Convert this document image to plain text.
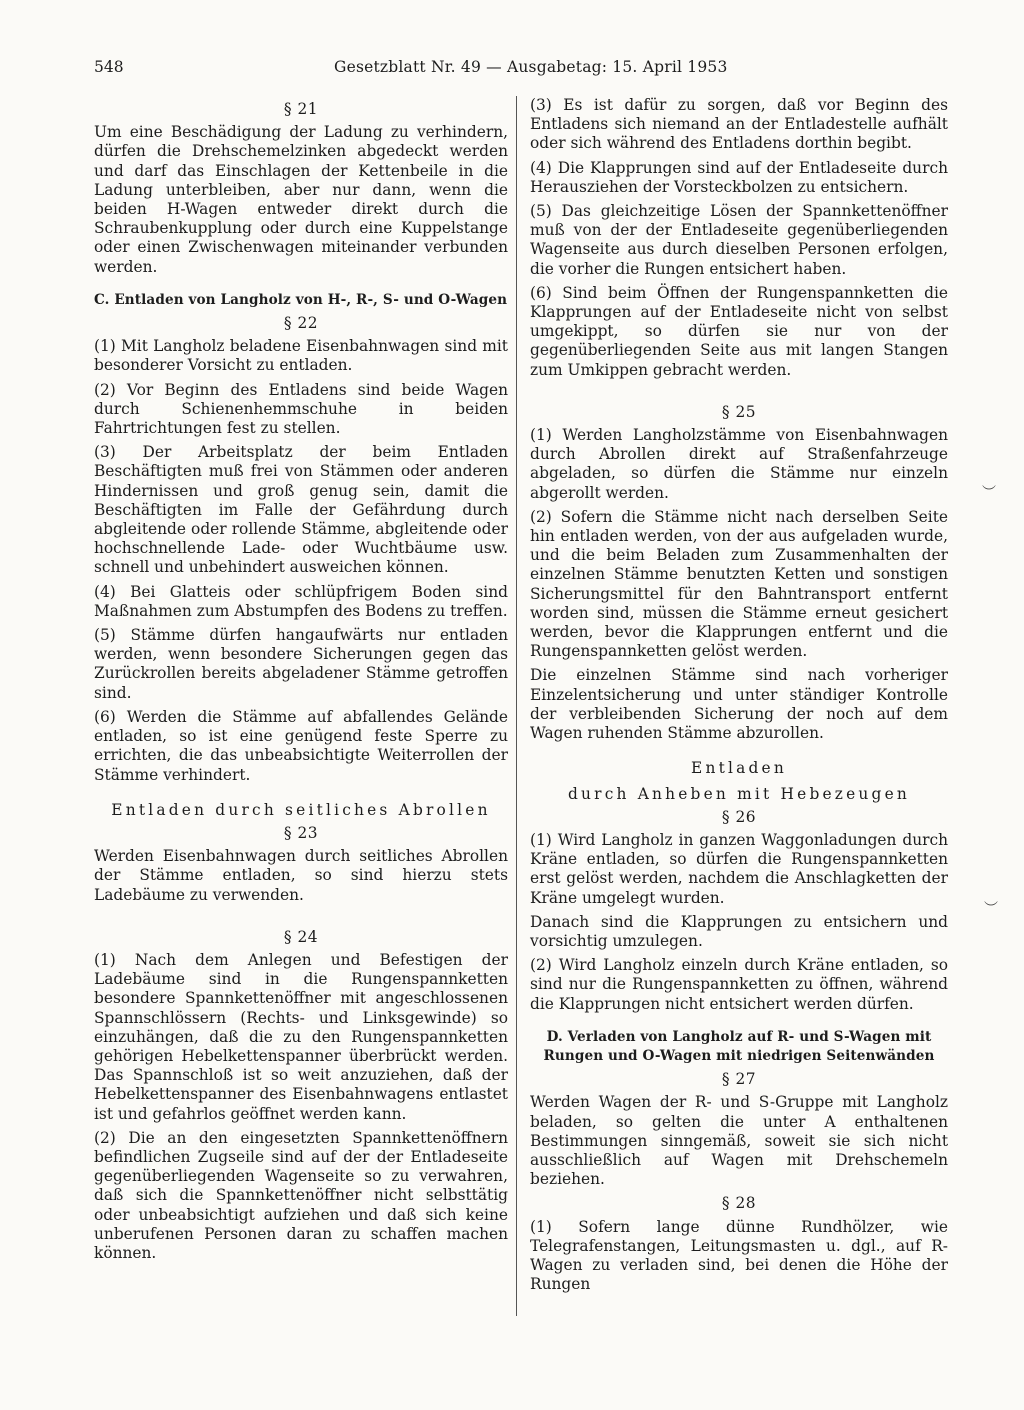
548	Gesetzblatt Nr. 49 — Ausgabetag: 15. April 1953
§ 21

Um eine Beschädigung der Ladung zu verhindern, dürfen die Drehschemelzinken abgedeckt werden und darf das Einschlagen der Kettenbeile in die Ladung unterbleiben, aber nur dann, wenn die beiden H-Wagen entweder direkt durch die Schraubenkupplung oder durch eine Kuppelstange oder einen Zwischenwagen miteinander verbunden werden.

C. Entladen von Langholz von H-, R-, S- und O-Wagen
§ 22

(1) Mit Langholz beladene Eisenbahnwagen sind mit besonderer Vorsicht zu entladen.

(2) Vor Beginn des Entladens sind beide Wagen durch Schienenhemmschuhe in beiden Fahrtrichtungen fest zu stellen.

(3) Der Arbeitsplatz der beim Entladen Beschäftigten muß frei von Stämmen oder anderen Hindernissen und groß genug sein, damit die Beschäftigten im Falle der Gefährdung durch abgleitende oder rollende Stämme, abgleitende oder hochschnellende Lade- oder Wuchtbäume usw. schnell und unbehindert ausweichen können.

(4) Bei Glatteis oder schlüpfrigem Boden sind Maßnahmen zum Abstumpfen des Bodens zu treffen.

(5) Stämme dürfen hangaufwärts nur entladen werden, wenn besondere Sicherungen gegen das Zurückrollen bereits abgeladener Stämme getroffen sind.

(6) Werden die Stämme auf abfallendes Gelände entladen, so ist eine genügend feste Sperre zu errichten, die das unbeabsichtigte Weiterrollen der Stämme verhindert.

Entladen durch seitliches Abrollen
§ 23

Werden Eisenbahnwagen durch seitliches Abrollen der Stämme entladen, so sind hierzu stets Ladebäume zu verwenden.

§ 24

(1) Nach dem Anlegen und Befestigen der Ladebäume sind in die Rungenspannketten besondere Spannkettenöffner mit angeschlossenen Spannschlössern (Rechts- und Linksgewinde) so einzuhängen, daß die zu den Rungenspannketten gehörigen Hebelkettenspanner überbrückt werden. Das Spannschloß ist so weit anzuziehen, daß der Hebelkettenspanner des Eisenbahnwagens entlastet ist und gefahrlos geöffnet werden kann.

(2) Die an den eingesetzten Spannkettenöffnern befindlichen Zugseile sind auf der der Entladeseite gegenüberliegenden Wagenseite so zu verwahren, daß sich die Spannkettenöffner nicht selbsttätig oder unbeabsichtigt aufziehen und daß sich keine unberufenen Personen daran zu schaffen machen können.

(3) Es ist dafür zu sorgen, daß vor Beginn des Entladens sich niemand an der Entladestelle aufhält oder sich während des Entladens dorthin begibt.

(4) Die Klapprungen sind auf der Entladeseite durch Herausziehen der Vorsteckbolzen zu entsichern.

(5) Das gleichzeitige Lösen der Spannkettenöffner muß von der der Entladeseite gegenüberliegenden Wagenseite aus durch dieselben Personen erfolgen, die vorher die Rungen entsichert haben.

(6) Sind beim Öffnen der Rungenspannketten die Klapprungen auf der Entladeseite nicht von selbst umgekippt, so dürfen sie nur von der gegenüberliegenden Seite aus mit langen Stangen zum Umkippen gebracht werden.

§ 25

(1) Werden Langholzstämme von Eisenbahnwagen durch Abrollen direkt auf Straßenfahrzeuge abgeladen, so dürfen die Stämme nur einzeln abgerollt werden.

(2) Sofern die Stämme nicht nach derselben Seite hin entladen werden, von der aus aufgeladen wurde, und die beim Beladen zum Zusammenhalten der einzelnen Stämme benutzten Ketten und sonstigen Sicherungsmittel für den Bahntransport entfernt worden sind, müssen die Stämme erneut gesichert werden, bevor die Klapprungen entfernt und die Rungenspannketten gelöst werden.

Die einzelnen Stämme sind nach vorheriger Einzelentsicherung und unter ständiger Kontrolle der verbleibenden Sicherung der noch auf dem Wagen ruhenden Stämme abzurollen.

Entladen
durch Anheben mit Hebezeugen
§ 26

(1) Wird Langholz in ganzen Waggonladungen durch Kräne entladen, so dürfen die Rungenspannketten erst gelöst werden, nachdem die Anschlagketten der Kräne umgelegt wurden.

Danach sind die Klapprungen zu entsichern und vorsichtig umzulegen.

(2) Wird Langholz einzeln durch Kräne entladen, so sind nur die Rungenspannketten zu öffnen, während die Klapprungen nicht entsichert werden dürfen.

D. Verladen von Langholz auf R- und S-Wagen mit Rungen und O-Wagen mit niedrigen Seitenwänden
§ 27

Werden Wagen der R- und S-Gruppe mit Langholz beladen, so gelten die unter A enthaltenen Bestimmungen sinngemäß, soweit sie sich nicht ausschließlich auf Wagen mit Drehschemeln beziehen.

§ 28

(1) Sofern lange dünne Rundhölzer, wie Telegrafenstangen, Leitungsmasten u. dgl., auf R-Wagen zu verladen sind, bei denen die Höhe der Rungen

︶
︶
